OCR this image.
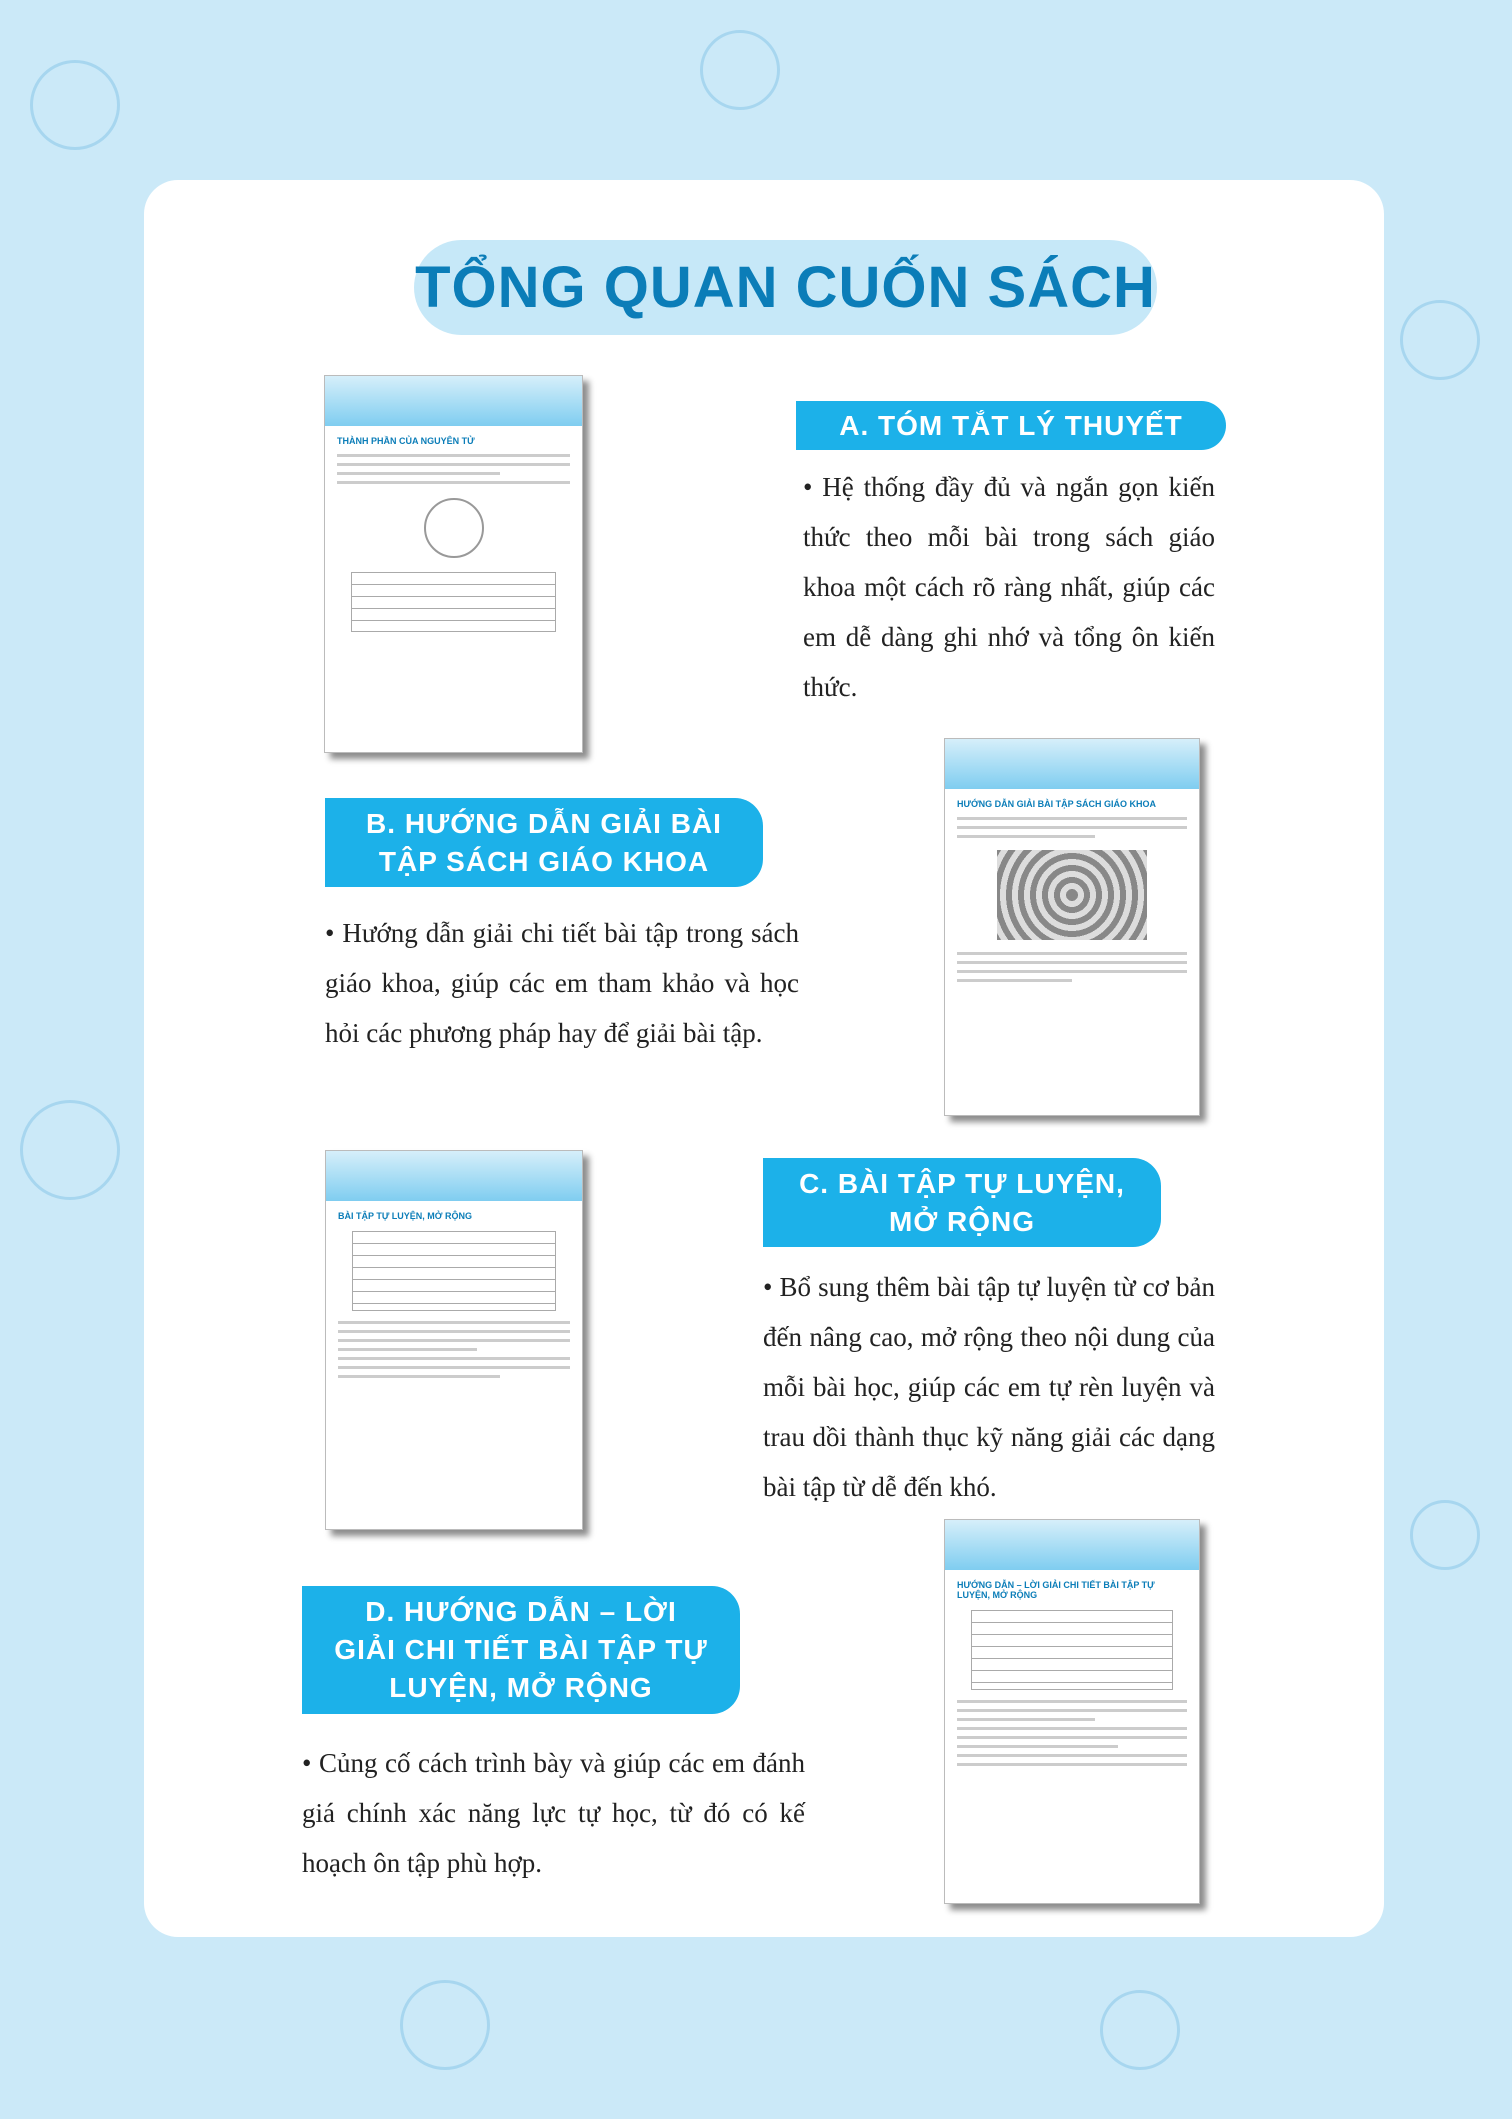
TỔNG QUAN CUỐN SÁCH
THÀNH PHẦN CỦA NGUYÊN TỬ
A. TÓM TẮT LÝ THUYẾT
• Hệ thống đầy đủ và ngắn gọn kiến thức theo mỗi bài trong sách giáo khoa một cách rõ ràng nhất, giúp các em dễ dàng ghi nhớ và tổng ôn kiến thức.
B. HƯỚNG DẪN GIẢI BÀI TẬP SÁCH GIÁO KHOA
• Hướng dẫn giải chi tiết bài tập trong sách giáo khoa, giúp các em tham khảo và học hỏi các phương pháp hay để giải bài tập.
HƯỚNG DẪN GIẢI BÀI TẬP SÁCH GIÁO KHOA
BÀI TẬP TỰ LUYỆN, MỞ RỘNG
C. BÀI TẬP TỰ LUYỆN, MỞ RỘNG
• Bổ sung thêm bài tập tự luyện từ cơ bản đến nâng cao, mở rộng theo nội dung của mỗi bài học, giúp các em tự rèn luyện và trau dồi thành thục kỹ năng giải các dạng bài tập từ dễ đến khó.
D. HƯỚNG DẪN – LỜI GIẢI CHI TIẾT BÀI TẬP TỰ LUYỆN, MỞ RỘNG
• Củng cố cách trình bày và giúp các em đánh giá chính xác năng lực tự học, từ đó có kế hoạch ôn tập phù hợp.
HƯỚNG DẪN – LỜI GIẢI CHI TIẾT BÀI TẬP TỰ LUYỆN, MỞ RỘNG
